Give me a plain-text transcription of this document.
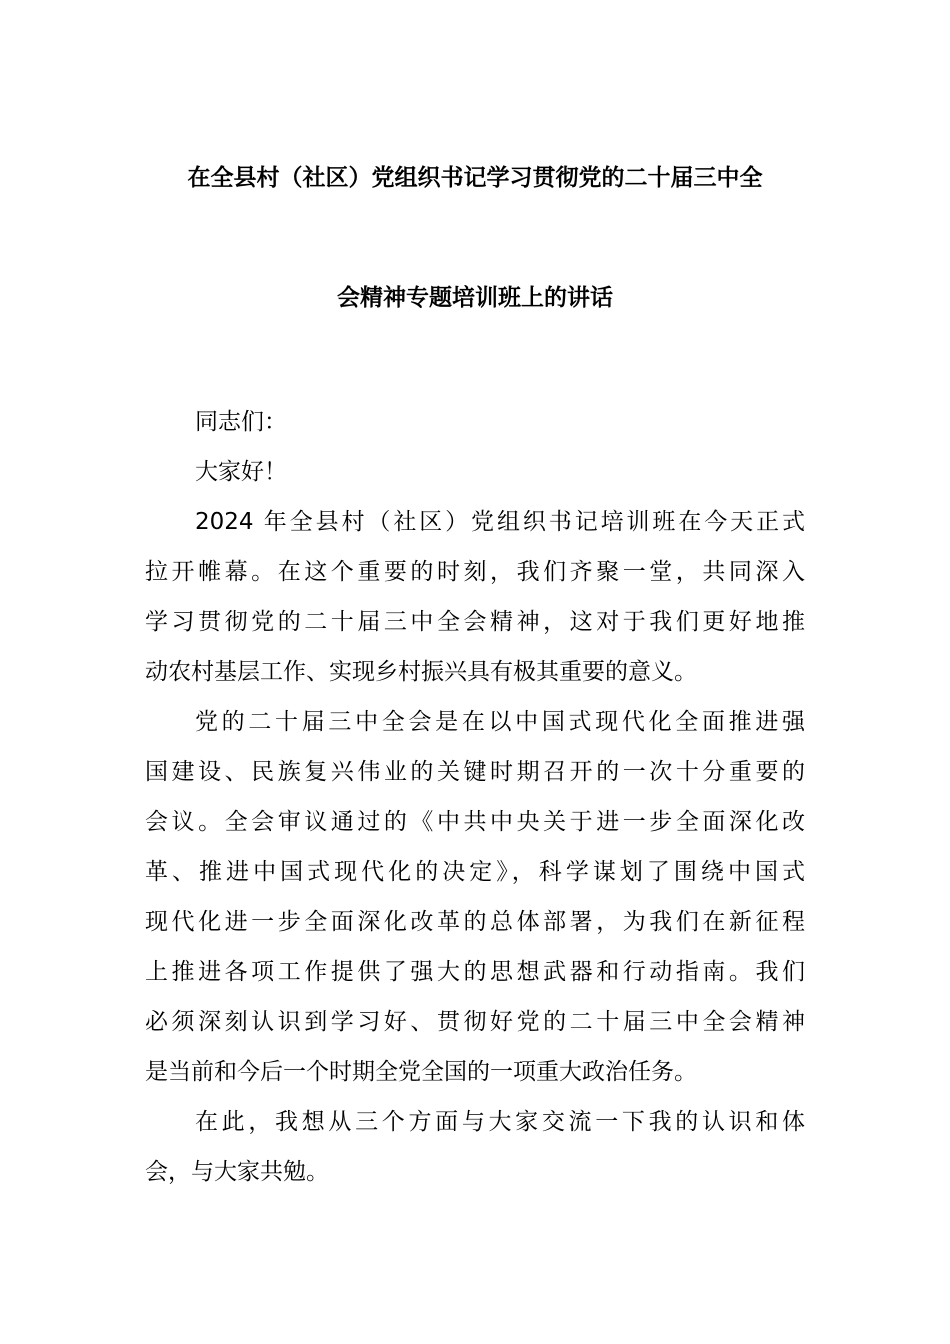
在全县村（社区）党组织书记学习贯彻党的二十届三中全
会精神专题培训班上的讲话
同志们：
大家好！
2024 年全县村（社区）党组织书记培训班在今天正式
拉开帷幕。在这个重要的时刻，我们齐聚一堂，共同深入
学习贯彻党的二十届三中全会精神，这对于我们更好地推
动农村基层工作、实现乡村振兴具有极其重要的意义。
党的二十届三中全会是在以中国式现代化全面推进强
国建设、民族复兴伟业的关键时期召开的一次十分重要的
会议。全会审议通过的《中共中央关于进一步全面深化改
革、推进中国式现代化的决定》，科学谋划了围绕中国式
现代化进一步全面深化改革的总体部署，为我们在新征程
上推进各项工作提供了强大的思想武器和行动指南。我们
必须深刻认识到学习好、贯彻好党的二十届三中全会精神
是当前和今后一个时期全党全国的一项重大政治任务。
在此，我想从三个方面与大家交流一下我的认识和体
会，与大家共勉。
